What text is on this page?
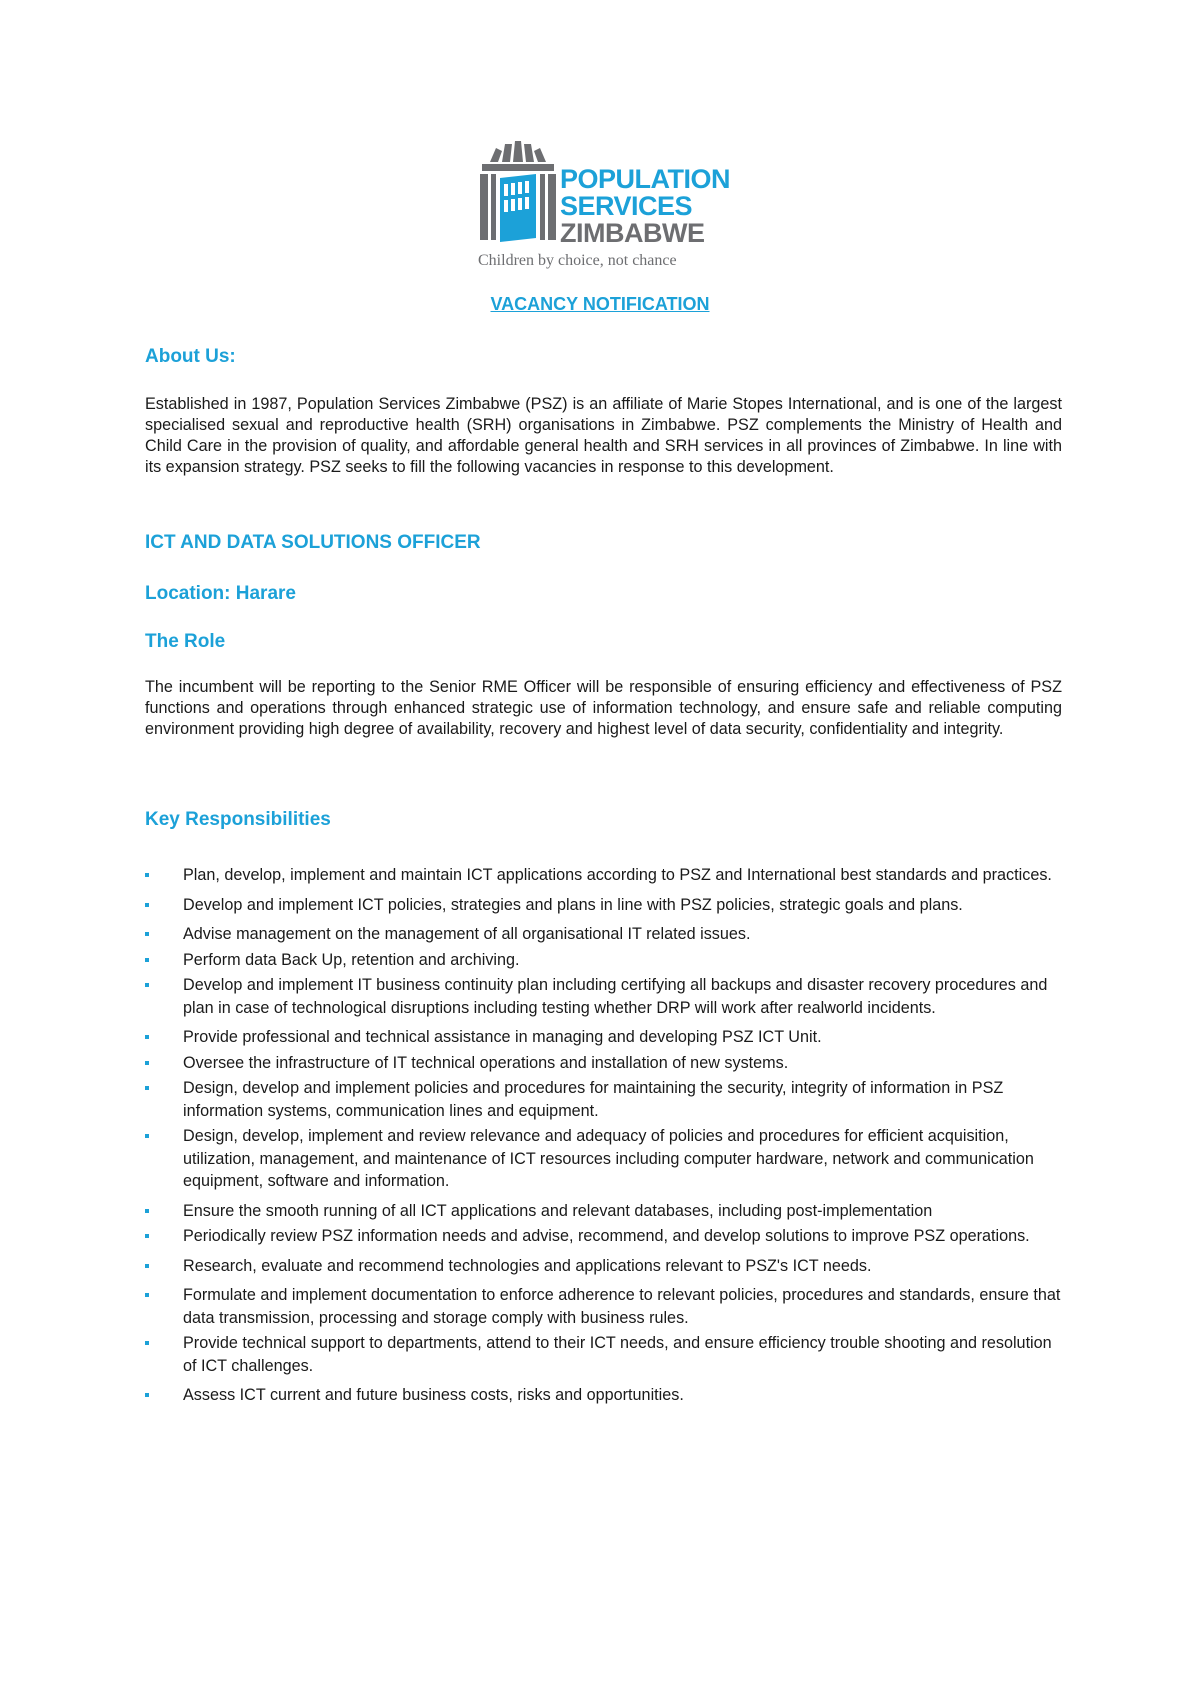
POPULATION
SERVICES
ZIMBABWE
Children by choice, not chance
VACANCY NOTIFICATION
About Us:
Established in 1987, Population Services Zimbabwe (PSZ) is an affiliate of Marie Stopes International, and is one of the largest specialised sexual and reproductive health (SRH) organisations in Zimbabwe. PSZ complements the Ministry of Health and Child Care in the provision of quality, and affordable general health and SRH services in all provinces of Zimbabwe. In line with its expansion strategy. PSZ seeks to fill the following vacancies in response to this development.
ICT AND DATA SOLUTIONS OFFICER
Location: Harare
The Role
The incumbent will be reporting to the Senior RME Officer will be responsible of ensuring efficiency and effectiveness of PSZ functions and operations through enhanced strategic use of information technology, and ensure safe and reliable computing environment providing high degree of availability, recovery and highest level of data security, confidentiality and integrity.
Key Responsibilities
Plan, develop, implement and maintain ICT applications according to PSZ and International best standards and practices.
Develop and implement ICT policies, strategies and plans in line with PSZ policies, strategic goals and plans.
Advise management on the management of all organisational IT related issues.
Perform data Back Up, retention and archiving.
Develop and implement IT business continuity plan including certifying all backups and disaster recovery procedures and plan in case of technological disruptions including testing whether DRP will work after realworld incidents.
Provide professional and technical assistance in managing and developing PSZ ICT Unit.
Oversee the infrastructure of IT technical operations and installation of new systems.
Design, develop and implement policies and procedures for maintaining the security, integrity of information in PSZ information systems, communication lines and equipment.
Design, develop, implement and review relevance and adequacy of policies and procedures for efficient acquisition, utilization, management, and maintenance of ICT resources including computer hardware, network and communication equipment, software and information.
Ensure the smooth running of all ICT applications and relevant databases, including post-implementation
Periodically review PSZ information needs and advise, recommend, and develop solutions to improve PSZ operations.
Research, evaluate and recommend technologies and applications relevant to PSZ's ICT needs.
Formulate and implement documentation to enforce adherence to relevant policies, procedures and standards, ensure that data transmission, processing and storage comply with business rules.
Provide technical support to departments, attend to their ICT needs, and ensure efficiency trouble shooting and resolution of ICT challenges.
Assess ICT current and future business costs, risks and opportunities.
